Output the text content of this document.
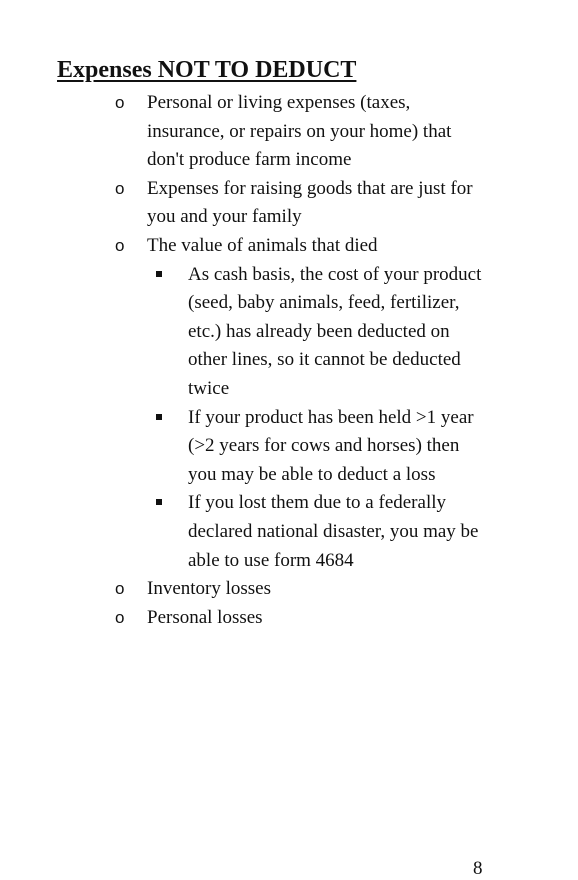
Expenses NOT TO DEDUCT
o Personal or living expenses (taxes, insurance, or repairs on your home) that don't produce farm income
o Expenses for raising goods that are just for you and your family
o The value of animals that died
As cash basis, the cost of your product (seed, baby animals, feed, fertilizer, etc.) has already been deducted on other lines, so it cannot be deducted twice
If your product has been held >1 year (>2 years for cows and horses) then you may be able to deduct a loss
If you lost them due to a federally declared national disaster, you may be able to use form 4684
o Inventory losses
o Personal losses
8
